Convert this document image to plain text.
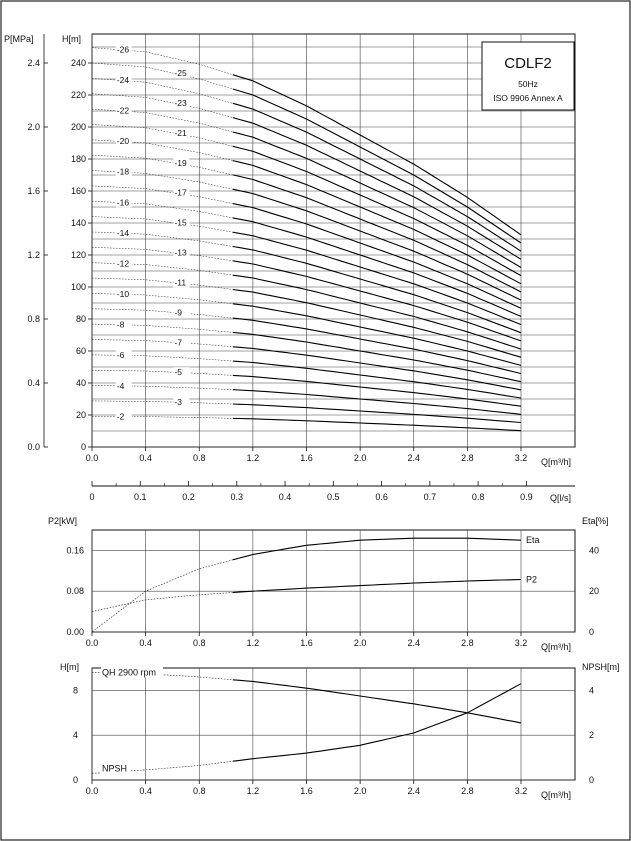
-2
-3
-4
-5
-6
-7
-8
-9
-10
-11
-12
-13
-14
-15
-16
-17
-18
-19
-20
-21
-22
-23
-24
-25
-26
0.0	0.4	0.8	1.2	1.6	2.0	2.4	2.8	3.2
0
20
40
60
80
100
120
140
160
180
200
220
240
0.0
0.4
0.8
1.2
1.6
2.0
2.4
P[MPa]	H[m]
Q[m³/h]
CDLF2
50Hz
ISO 9906 Annex A
Q[l/s]
0	0.1	0.2	0.3	0.4	0.5	0.6	0.7	0.8	0.9
Eta
P2
0.0	0.4	0.8	1.2	1.6	2.0	2.4	2.8	3.2
0.00
0.08
0.16
0
20
40
P2[kW]	Eta[%]
Q[m³/h]
QH 2900 rpm
NPSH
0.0	0.4	0.8	1.2	1.6	2.0	2.4	2.8	3.2
0
4
8
0
2
4
H[m]	NPSH[m]
Q[m³/h]
